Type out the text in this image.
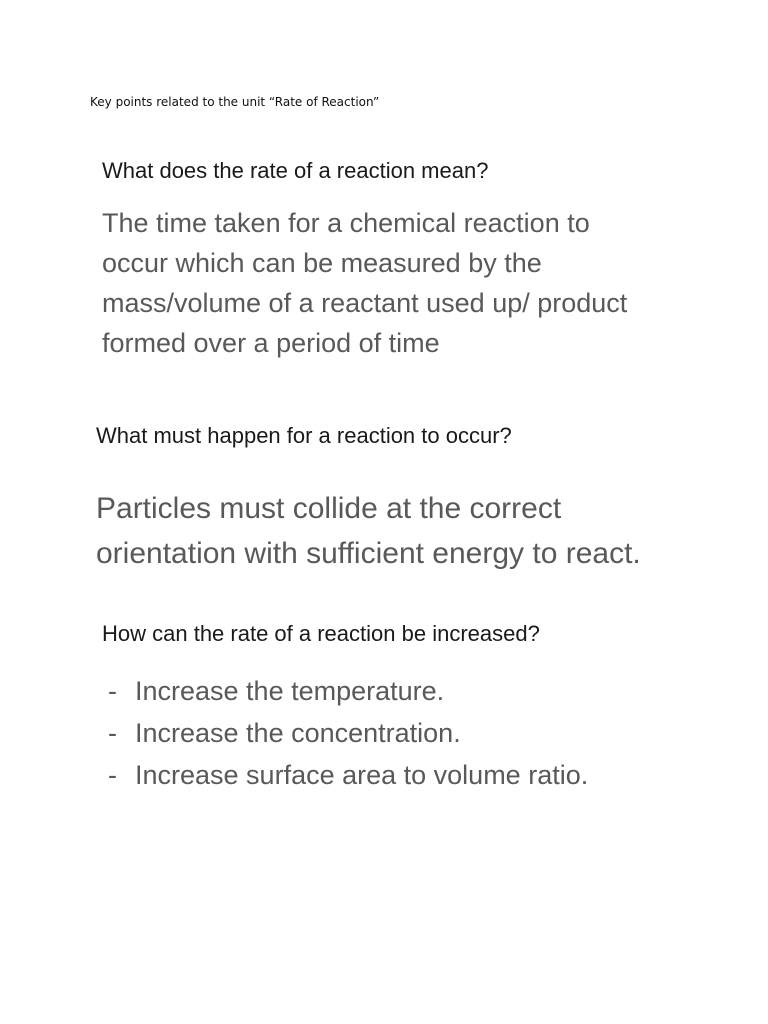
Key points related to the unit “Rate of Reaction”
What does the rate of a reaction mean?
The time taken for a chemical reaction to
occur which can be measured by the
mass/volume of a reactant used up/ product
formed over a period of time
What must happen for a reaction to occur?
Particles must collide at the correct
orientation with sufficient energy to react.
How can the rate of a reaction be increased?
- Increase the temperature.
- Increase the concentration.
- Increase surface area to volume ratio.
